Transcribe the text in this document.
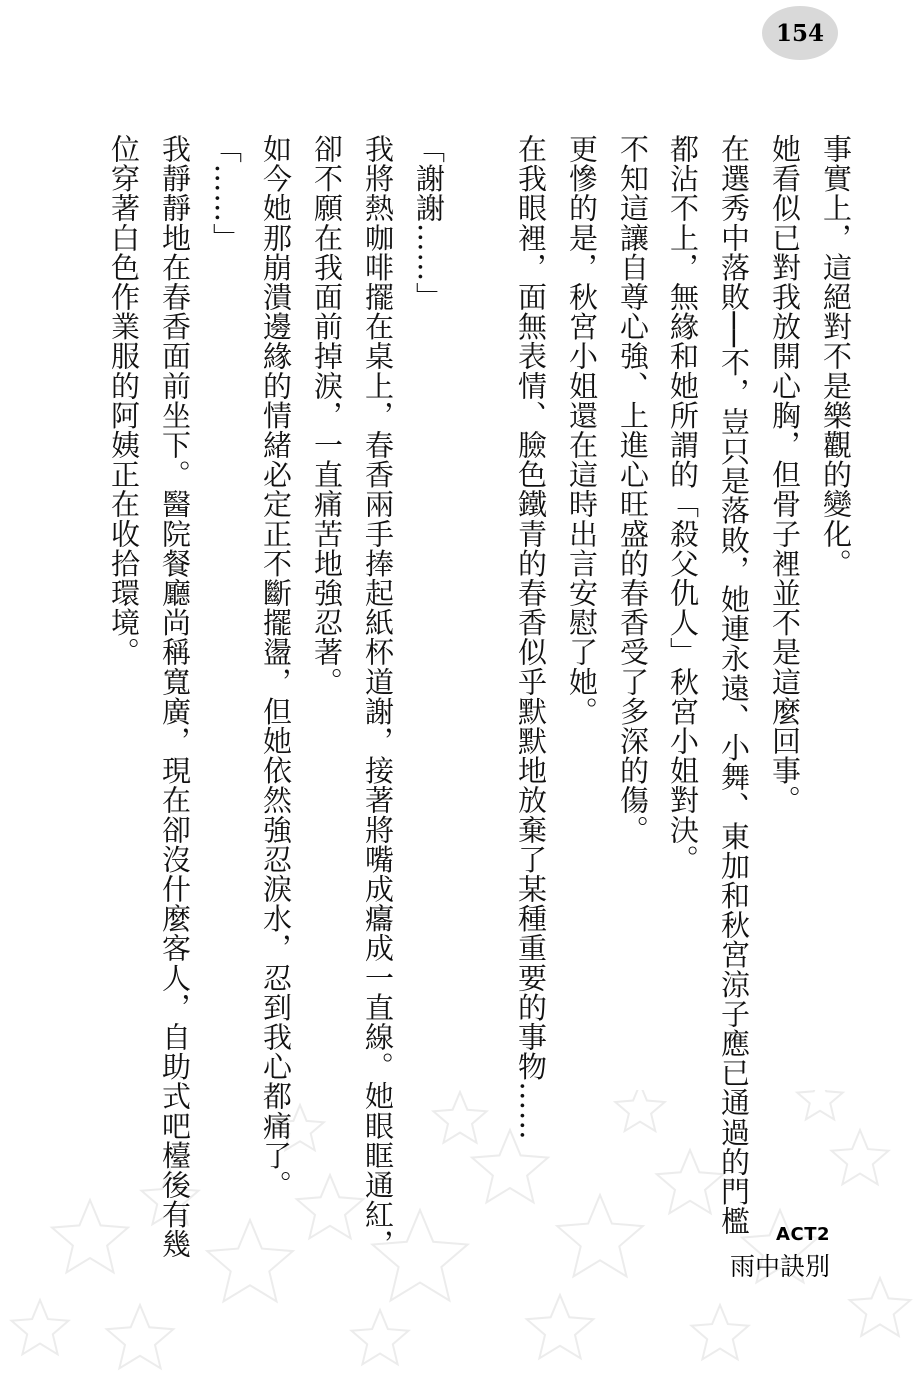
154
事實上，這絕對不是樂觀的變化。
她看似已對我放開心胸，但骨子裡並不是這麼回事。
在選秀中落敗──不，豈只是落敗，她連永遠、小舞、東加和秋宮涼子應已通過的門檻
都沾不上，無緣和她所謂的「殺父仇人」秋宮小姐對決。
不知這讓自尊心強、上進心旺盛的春香受了多深的傷。
更慘的是，秋宮小姐還在這時出言安慰了她。
在我眼裡，面無表情、臉色鐵青的春香似乎默默地放棄了某種重要的事物……
「謝謝……」
我將熱咖啡擺在桌上，春香兩手捧起紙杯道謝，接著將嘴成癟成一直線。她眼眶通紅，
卻不願在我面前掉淚，一直痛苦地強忍著。
如今她那崩潰邊緣的情緒必定正不斷擺盪，但她依然強忍淚水，忍到我心都痛了。
「……」
我靜靜地在春香面前坐下。醫院餐廳尚稱寬廣，現在卻沒什麼客人，自助式吧檯後有幾
位穿著白色作業服的阿姨正在收拾環境。
ACT2
雨中訣別
